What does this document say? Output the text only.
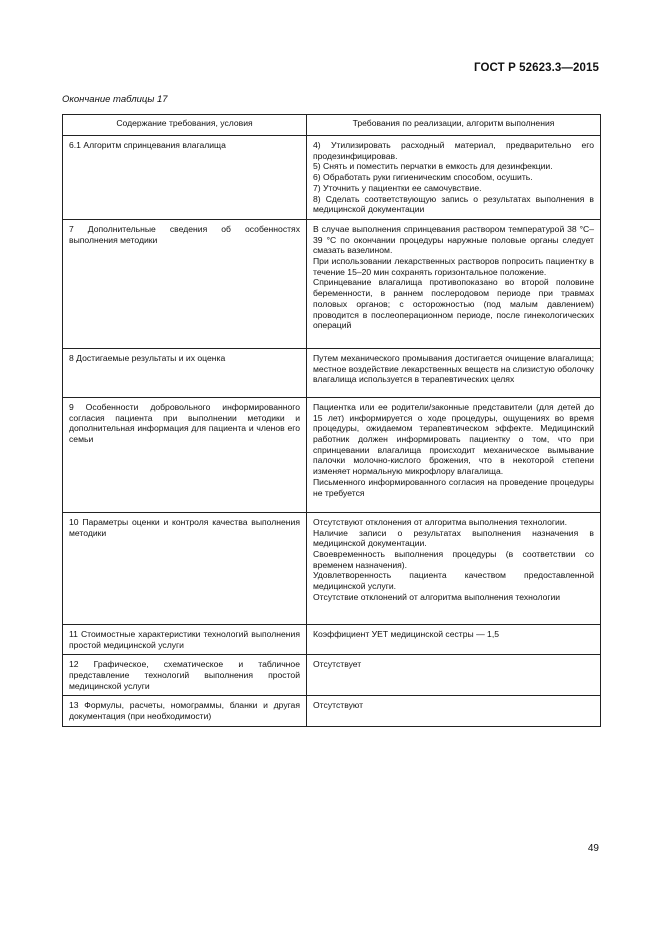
ГОСТ Р 52623.3—2015
Окончание таблицы 17
Содержание требования, условия	Требования по реализации, алгоритм выполнения
6.1 Алгоритм спринцевания влагалища	4) Утилизировать расходный материал, предварительно его продезинфицировав.
5) Снять и поместить перчатки в емкость для дезинфекции.
6) Обработать руки гигиеническим способом, осушить.
7) Уточнить у пациентки ее самочувствие.
8) Сделать соответствующую запись о результатах выполнения в медицинской документации

7 Дополнительные сведения об особенностях выполнения методики	В случае выполнения спринцевания раствором температурой 38 °С–39 °С по окончании процедуры наружные половые органы следует смазать вазелином.
При использовании лекарственных растворов попросить пациентку в течение 15–20 мин сохранять горизонтальное положение.
Спринцевание влагалища противопоказано во второй половине беременности, в раннем послеродовом периоде при травмах половых органов; с осторожностью (под малым давлением) проводится в послеоперационном периоде, после гинекологических операций

8 Достигаемые результаты и их оценка	Путем механического промывания достигается очищение влагалища; местное воздействие лекарственных веществ на слизистую оболочку влагалища используется в терапевтических целях

9 Особенности добровольного информированного согласия пациента при выполнении методики и дополнительная информация для пациента и членов его семьи	Пациентка или ее родители/законные представители (для детей до 15 лет) информируется о ходе процедуры, ощущениях во время процедуры, ожидаемом терапевтическом эффекте. Медицинский работник должен информировать пациентку о том, что при спринцевании влагалища происходит механическое вымывание палочки молочно-кислого брожения, что в некоторой степени изменяет нормальную микрофлору влагалища.
Письменного информированного согласия на проведение процедуры не требуется

10 Параметры оценки и контроля качества выполнения методики	Отсутствуют отклонения от алгоритма выполнения технологии.
Наличие записи о результатах выполнения назначения в медицинской документации.
Своевременность выполнения процедуры (в соответствии со временем назначения).
Удовлетворенность пациента качеством предоставленной медицинской услуги.
Отсутствие отклонений от алгоритма выполнения технологии

11 Стоимостные характеристики технологий выполнения простой медицинской услуги	Коэффициент УЕТ медицинской сестры — 1,5

12 Графическое, схематическое и табличное представление технологий выполнения простой медицинской услуги	Отсутствует

13 Формулы, расчеты, номограммы, бланки и другая документация (при необходимости)	Отсутствуют
49
